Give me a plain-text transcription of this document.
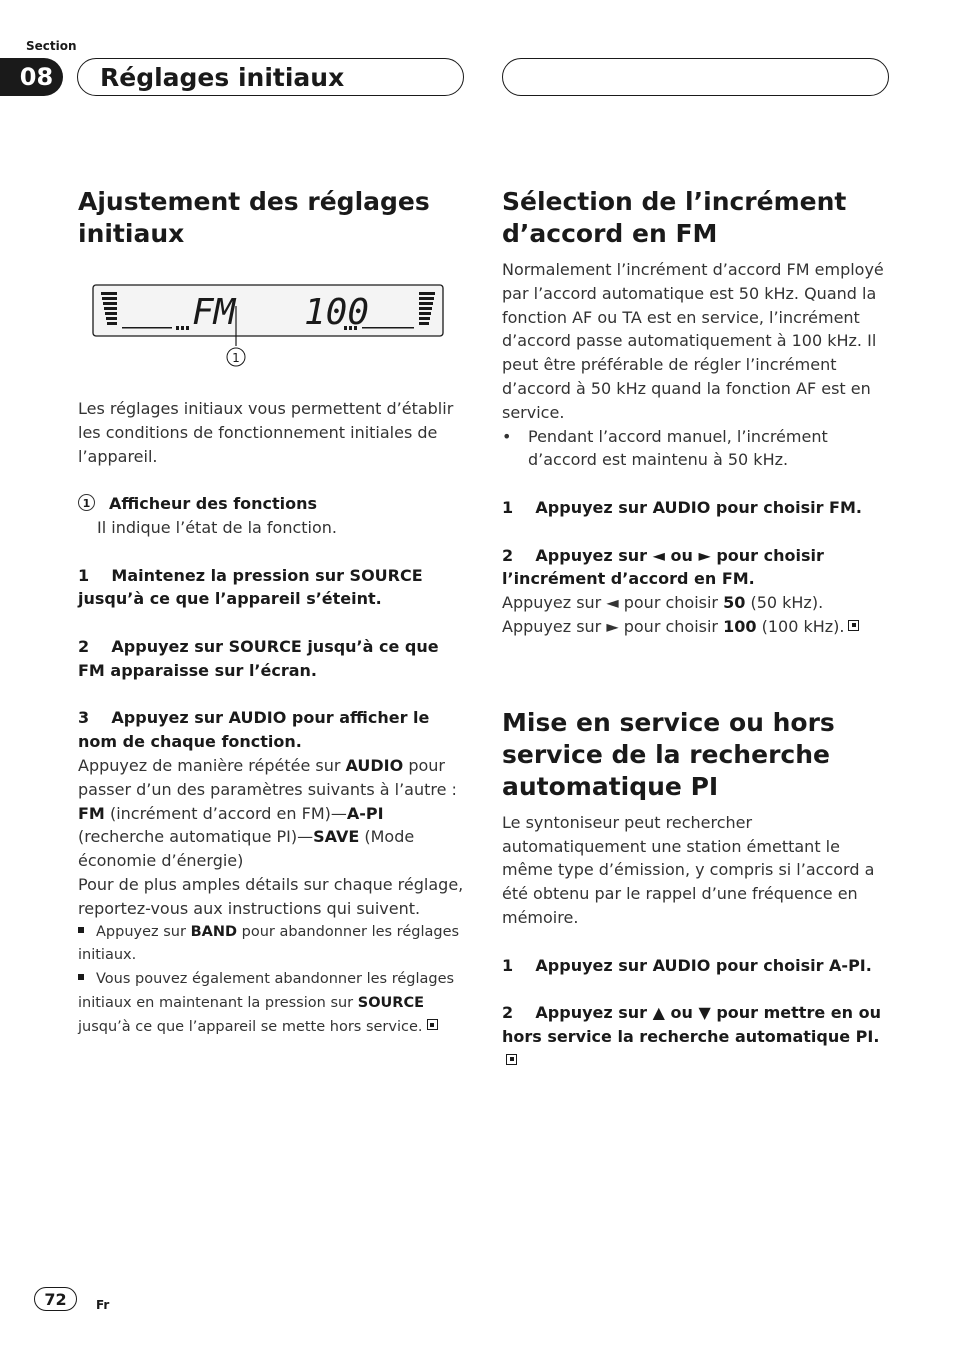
Section
08	Réglages initiaux
Ajustement des réglages initiaux
FM 100
1

Les réglages initiaux vous permettent d’établir les conditions de fonctionnement initiales de l’appareil.

1 Afficheur des fonctions

Il indique l’état de la fonction.

1    Maintenez la pression sur SOURCE jusqu’à ce que l’appareil s’éteint.

2    Appuyez sur SOURCE jusqu’à ce que FM apparaisse sur l’écran.

3    Appuyez sur AUDIO pour afficher le nom de chaque fonction.

Appuyez de manière répétée sur AUDIO pour passer d’un des paramètres suivants à l’autre :
FM (incrément d’accord en FM)—A-PI (recherche automatique PI)—SAVE (Mode économie d’énergie)

Pour de plus amples détails sur chaque réglage, reportez-vous aux instructions qui suivent.

Appuyez sur BAND pour abandonner les réglages initiaux.

Vous pouvez également abandonner les réglages initiaux en maintenant la pression sur SOURCE jusqu’à ce que l’appareil se mette hors service.

Sélection de l’incrément d’accord en FM

Normalement l’incrément d’accord FM employé par l’accord automatique est 50 kHz. Quand la fonction AF ou TA est en service, l’incrément d’accord passe automatiquement à 100 kHz. Il peut être préférable de régler l’incrément d’accord à 50 kHz quand la fonction AF est en service.

•	Pendant l’accord manuel, l’incrément d’accord est maintenu à 50 kHz.

1    Appuyez sur AUDIO pour choisir FM.

2    Appuyez sur ◄ ou ► pour choisir l’incrément d’accord en FM.

Appuyez sur ◄ pour choisir 50 (50 kHz). Appuyez sur ► pour choisir 100 (100 kHz).

Mise en service ou hors service de la recherche automatique PI

Le syntoniseur peut rechercher automatiquement une station émettant le même type d’émission, y compris si l’accord a été obtenu par le rappel d’une fréquence en mémoire.

1    Appuyez sur AUDIO pour choisir A-PI.

2    Appuyez sur ▲ ou ▼ pour mettre en ou hors service la recherche automatique PI.

72	Fr
